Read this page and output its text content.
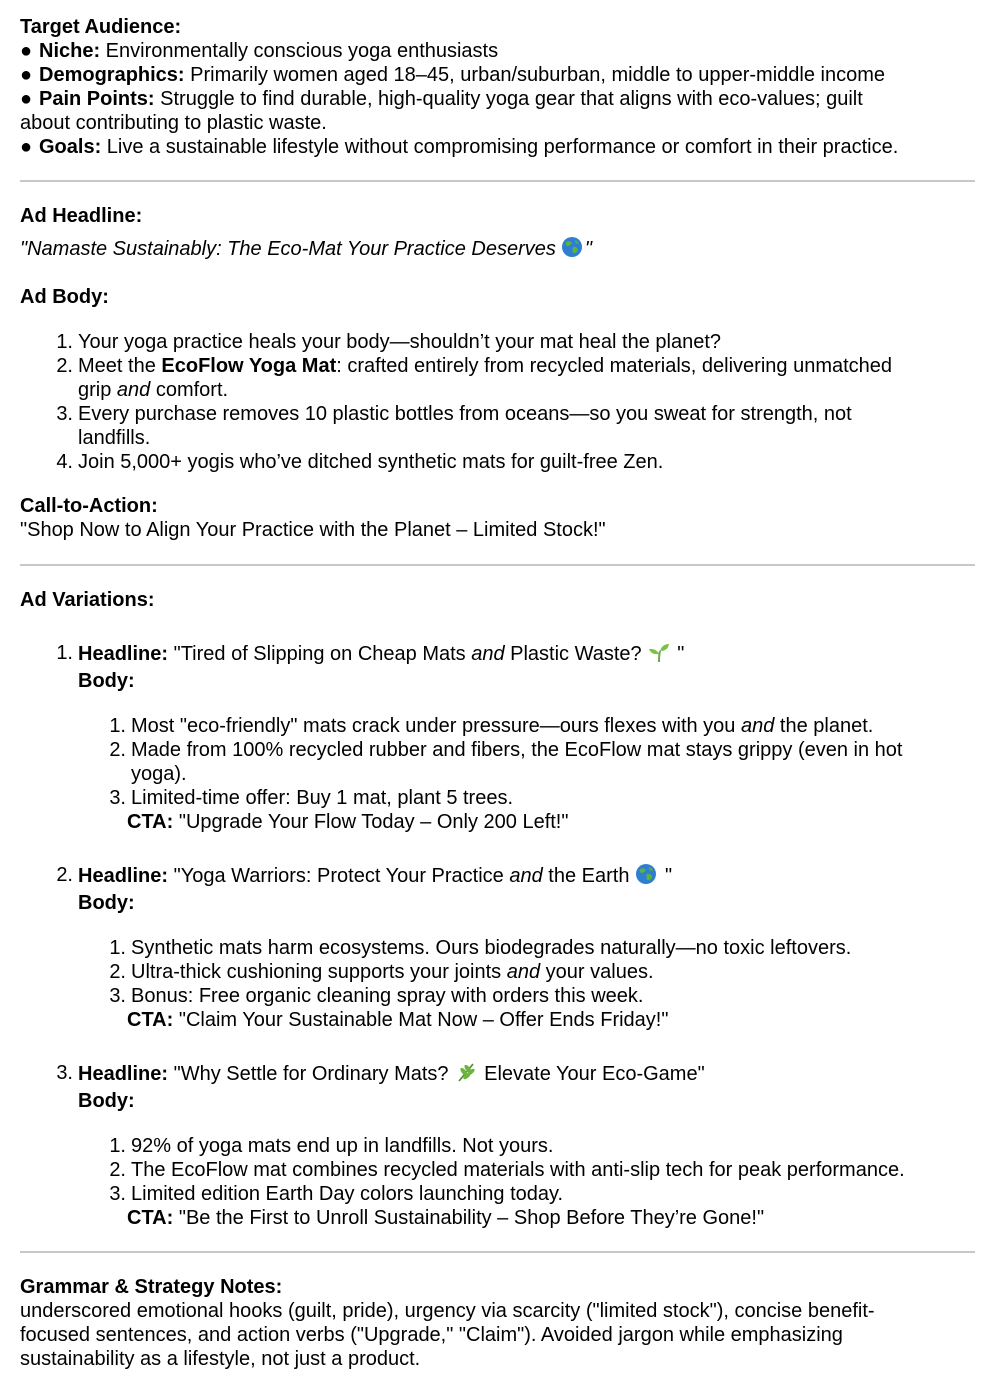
Target Audience:

● Niche: Environmentally conscious yoga enthusiasts

● Demographics: Primarily women aged 18–45, urban/suburban, middle to upper-middle income

● Pain Points: Struggle to find durable, high-quality yoga gear that aligns with eco-values; guilt

about contributing to plastic waste.

● Goals: Live a sustainable lifestyle without compromising performance or comfort in their practice.

Ad Headline:

"Namaste Sustainably: The Eco-Mat Your Practice Deserves "

Ad Body:

1. Your yoga practice heals your body—shouldn’t your mat heal the planet?
2. Meet the EcoFlow Yoga Mat: crafted entirely from recycled materials, delivering unmatched
grip and comfort.
3. Every purchase removes 10 plastic bottles from oceans—so you sweat for strength, not
landfills.
4. Join 5,000+ yogis who’ve ditched synthetic mats for guilt-free Zen.

Call-to-Action:

"Shop Now to Align Your Practice with the Planet – Limited Stock!"

Ad Variations:

1. Headline: "Tired of Slipping on Cheap Mats and Plastic Waste? "
Body:
1. Most "eco-friendly" mats crack under pressure—ours flexes with you and the planet.
2. Made from 100% recycled rubber and fibers, the EcoFlow mat stays grippy (even in hot
yoga).
3. Limited-time offer: Buy 1 mat, plant 5 trees.

CTA: "Upgrade Your Flow Today – Only 200 Left!"

2. Headline: "Yoga Warriors: Protect Your Practice and the Earth "
Body:
1. Synthetic mats harm ecosystems. Ours biodegrades naturally—no toxic leftovers.
2. Ultra-thick cushioning supports your joints and your values.
3. Bonus: Free organic cleaning spray with orders this week.

CTA: "Claim Your Sustainable Mat Now – Offer Ends Friday!"

3. Headline: "Why Settle for Ordinary Mats? Elevate Your Eco-Game"
Body:
1. 92% of yoga mats end up in landfills. Not yours.
2. The EcoFlow mat combines recycled materials with anti-slip tech for peak performance.
3. Limited edition Earth Day colors launching today.

CTA: "Be the First to Unroll Sustainability – Shop Before They’re Gone!"

Grammar & Strategy Notes:

underscored emotional hooks (guilt, pride), urgency via scarcity ("limited stock"), concise benefit-

focused sentences, and action verbs ("Upgrade," "Claim"). Avoided jargon while emphasizing

sustainability as a lifestyle, not just a product.
